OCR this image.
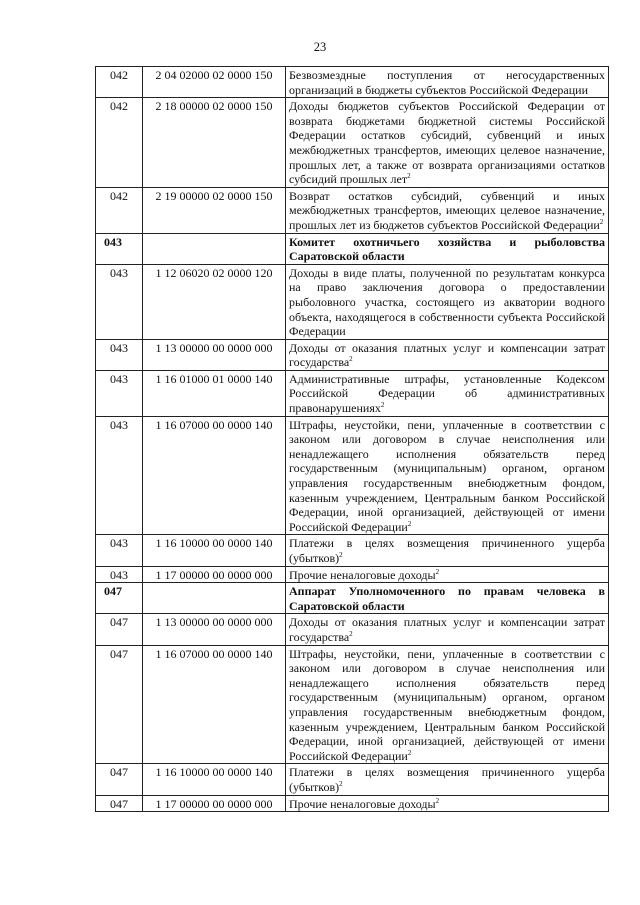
23
042	2 04 02000 02 0000 150	Безвозмездные поступления от негосударственных организаций в бюджеты субъектов Российской Федерации
042	2 18 00000 02 0000 150	Доходы бюджетов субъектов Российской Федерации от возврата бюджетами бюджетной системы Российской Федерации остатков субсидий, субвенций и иных межбюджетных трансфертов, имеющих целевое назначение, прошлых лет, а также от возврата организациями остатков субсидий прошлых лет$^2$
042	2 19 00000 02 0000 150	Возврат остатков субсидий, субвенций и иных межбюджетных трансфертов, имеющих целевое назначение, прошлых лет из бюджетов субъектов Российской Федерации$^2$
043		Комитет охотничьего хозяйства и рыболовства Саратовской области
043	1 12 06020 02 0000 120	Доходы в виде платы, полученной по результатам конкурса на право заключения договора о предоставлении рыболовного участка, состоящего из акватории водного объекта, находящегося в собственности субъекта Российской Федерации
043	1 13 00000 00 0000 000	Доходы от оказания платных услуг и компенсации затрат государства$^2$
043	1 16 01000 01 0000 140	Административные штрафы, установленные Кодексом Российской Федерации об административных правонарушениях$^2$
043	1 16 07000 00 0000 140	Штрафы, неустойки, пени, уплаченные в соответствии с законом или договором в случае неисполнения или ненадлежащего исполнения обязательств перед государственным (муниципальным) органом, органом управления государственным внебюджетным фондом, казенным учреждением, Центральным банком Российской Федерации, иной организацией, действующей от имени Российской Федерации$^2$
043	1 16 10000 00 0000 140	Платежи в целях возмещения причиненного ущерба (убытков)$^2$
043	1 17 00000 00 0000 000	Прочие неналоговые доходы$^2$
047		Аппарат Уполномоченного по правам человека в Саратовской области
047	1 13 00000 00 0000 000	Доходы от оказания платных услуг и компенсации затрат государства$^2$
047	1 16 07000 00 0000 140	Штрафы, неустойки, пени, уплаченные в соответствии с законом или договором в случае неисполнения или ненадлежащего исполнения обязательств перед государственным (муниципальным) органом, органом управления государственным внебюджетным фондом, казенным учреждением, Центральным банком Российской Федерации, иной организацией, действующей от имени Российской Федерации$^2$
047	1 16 10000 00 0000 140	Платежи в целях возмещения причиненного ущерба (убытков)$^2$
047	1 17 00000 00 0000 000	Прочие неналоговые доходы$^2$
